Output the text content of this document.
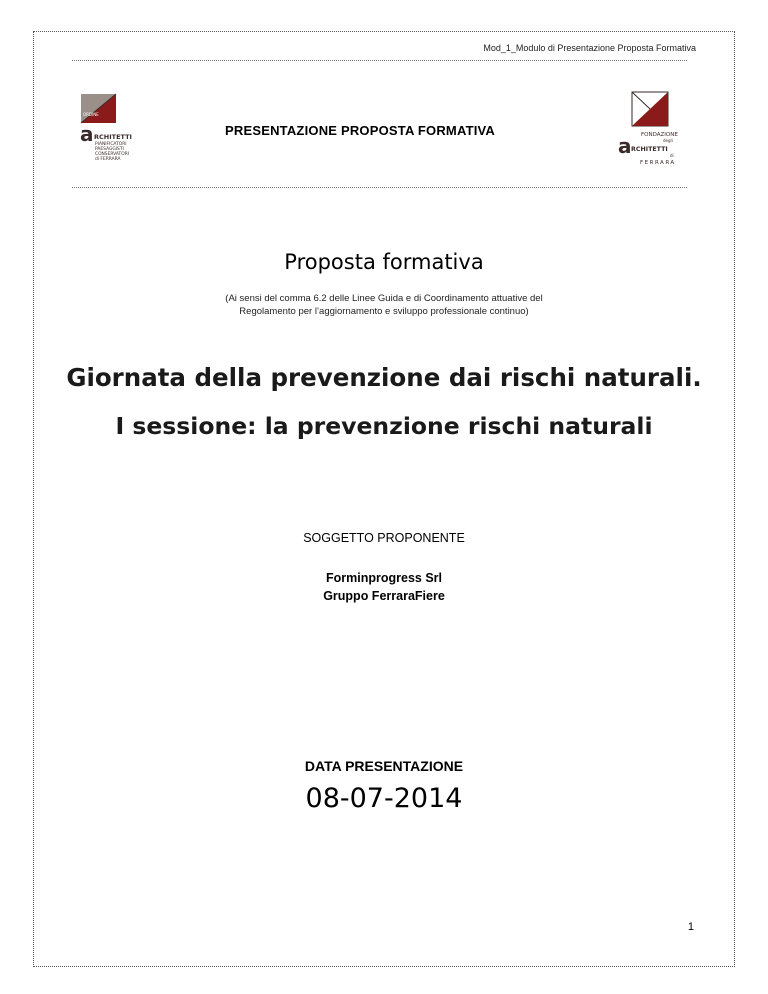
Mod_1_Modulo di Presentazione Proposta Formativa
ORDINE
a RCHITETTI
PIANIFICATORI
PAESAGGISTI
CONSERVATORI
di FERRARA
PRESENTAZIONE PROPOSTA FORMATIVA	FONDAZIONE
degli
a RCHITETTI
di
FERRARA
Proposta formativa
(Ai sensi del comma 6.2 delle Linee Guida e di Coordinamento attuative del
Regolamento per l’aggiornamento e sviluppo professionale continuo)
Giornata della prevenzione dai rischi naturali.
I sessione: la prevenzione rischi naturali
SOGGETTO PROPONENTE
Forminprogress Srl
Gruppo FerraraFiere
DATA PRESENTAZIONE
08-07-2014
1
